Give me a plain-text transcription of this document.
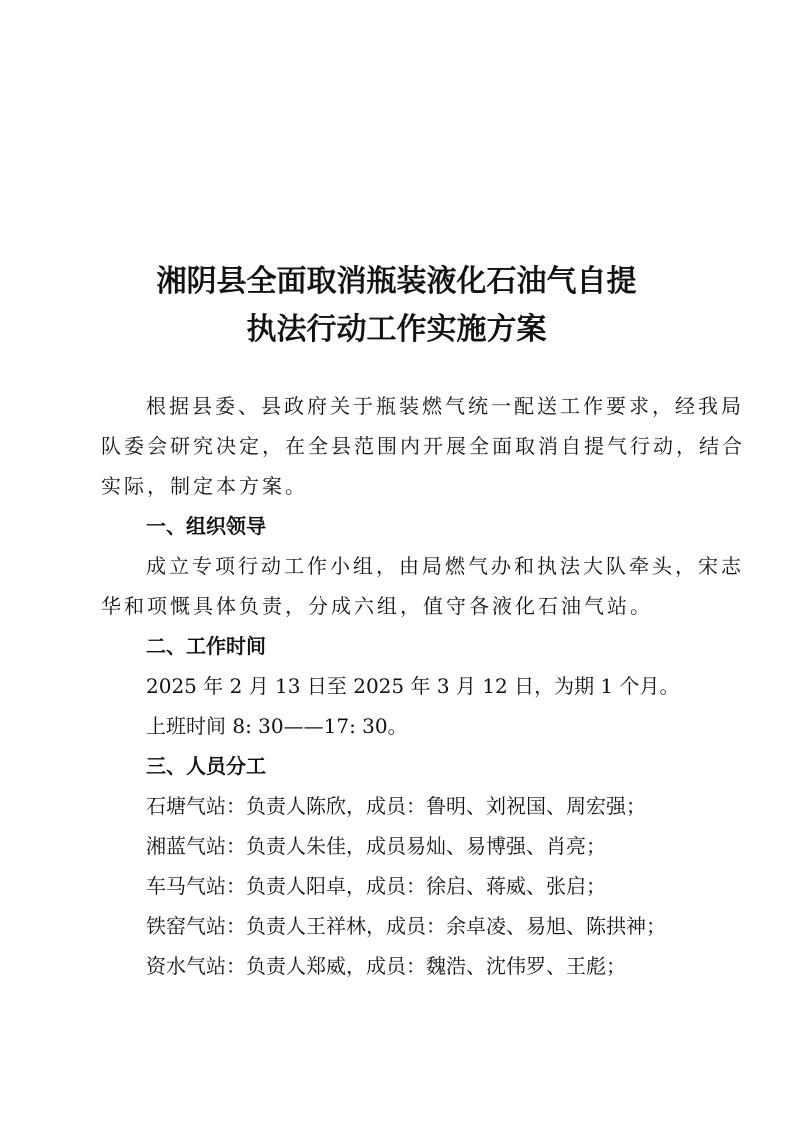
湘阴县全面取消瓶装液化石油气自提
执法行动工作实施方案
根据县委、县政府关于瓶装燃气统一配送工作要求，经我局
队委会研究决定，在全县范围内开展全面取消自提气行动，结合
实际，制定本方案。
一、组织领导
成立专项行动工作小组，由局燃气办和执法大队牵头，宋志
华和项慨具体负责，分成六组，值守各液化石油气站。
二、工作时间
2025 年 2 月 13 日至 2025 年 3 月 12 日，为期 1 个月。
上班时间 8: 30——17: 30。
三、人员分工
石塘气站：负责人陈欣，成员：鲁明、刘祝国、周宏强；
湘蓝气站：负责人朱佳，成员易灿、易博强、肖亮；
车马气站：负责人阳卓，成员：徐启、蒋威、张启；
铁窑气站：负责人王祥林，成员：余卓凌、易旭、陈拱神；
资水气站：负责人郑威，成员：魏浩、沈伟罗、王彪；
